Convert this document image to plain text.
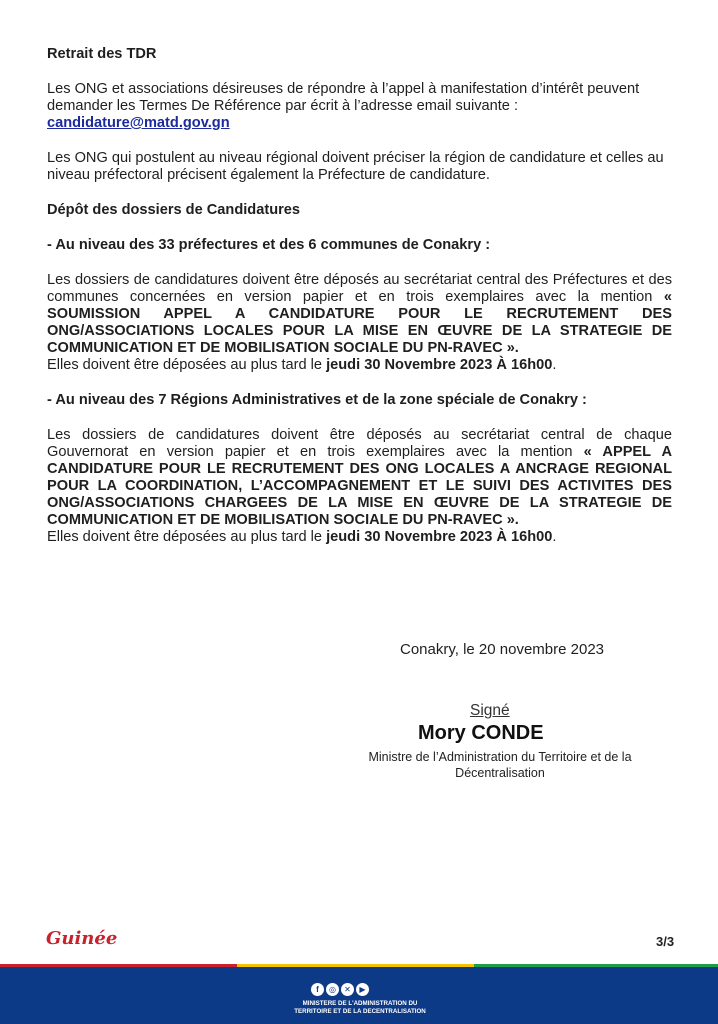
Retrait des TDR

Les ONG et associations désireuses de répondre à l’appel à manifestation d’intérêt peuvent demander les Termes De Référence par écrit à l’adresse email suivante :
candidature@matd.gov.gn

Les ONG qui postulent au niveau régional doivent préciser la région de candidature et celles au niveau préfectoral précisent également la Préfecture de candidature.

Dépôt des dossiers de Candidatures

- Au niveau des 33 préfectures et des 6 communes de Conakry :

Les dossiers de candidatures doivent être déposés au secrétariat central des Préfectures et des communes concernées en version papier et en trois exemplaires avec la mention « SOUMISSION APPEL A CANDIDATURE POUR LE RECRUTEMENT DES ONG/ASSOCIATIONS LOCALES POUR LA MISE EN ŒUVRE DE LA STRATEGIE DE COMMUNICATION ET DE MOBILISATION SOCIALE DU PN-RAVEC ».
Elles doivent être déposées au plus tard le jeudi 30 Novembre 2023 À 16h00.

- Au niveau des 7 Régions Administratives et de la zone spéciale de Conakry :

Les dossiers de candidatures doivent être déposés au secrétariat central de chaque Gouvernorat en version papier et en trois exemplaires avec la mention « APPEL A CANDIDATURE POUR LE RECRUTEMENT DES ONG LOCALES A ANCRAGE REGIONAL POUR LA COORDINATION, L’ACCOMPAGNEMENT ET LE SUIVI DES ACTIVITES DES ONG/ASSOCIATIONS CHARGEES DE LA MISE EN ŒUVRE DE LA STRATEGIE DE COMMUNICATION ET DE MOBILISATION SOCIALE DU PN-RAVEC ».
Elles doivent être déposées au plus tard le jeudi 30 Novembre 2023 À 16h00.

Conakry, le 20 novembre 2023
Signé
Mory CONDE
Ministre de l’Administration du Territoire et de la Décentralisation
Guinée	3/3
f	◎	✕	▶
MINISTERE DE L'ADMINISTRATION DU
TERRITOIRE ET DE LA DECENTRALISATION
